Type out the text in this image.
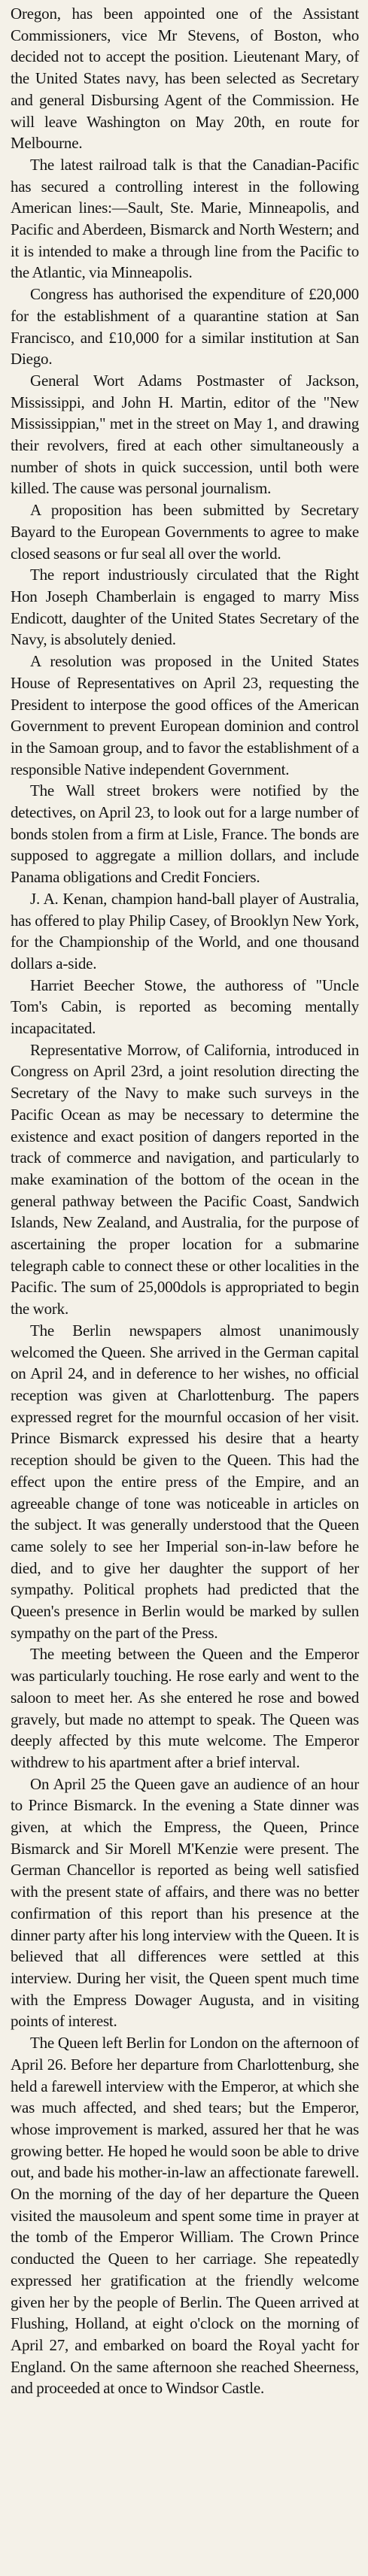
Oregon, has been appointed one of the Assistant Commissioners, vice Mr Stevens, of Boston, who decided not to accept the position. Lieutenant Mary, of the United States navy, has been selected as Secretary and general Disbursing Agent of the Commission. He will leave Washington on May 20th, en route for Melbourne.

The latest railroad talk is that the Canadian-Pacific has secured a controlling interest in the following American lines:—Sault, Ste. Marie, Minneapolis, and Pacific and Aberdeen, Bismarck and North Western; and it is intended to make a through line from the Pacific to the Atlantic, via Minneapolis.

Congress has authorised the expenditure of £20,000 for the establishment of a quarantine station at San Francisco, and £10,000 for a similar institution at San Diego.

General Wort Adams Postmaster of Jackson, Mississippi, and John H. Martin, editor of the "New Mississippian," met in the street on May 1, and drawing their revolvers, fired at each other simultaneously a number of shots in quick succession, until both were killed. The cause was personal journalism.

A proposition has been submitted by Secretary Bayard to the European Governments to agree to make closed seasons or fur seal all over the world.

The report industriously circulated that the Right Hon Joseph Chamberlain is engaged to marry Miss Endicott, daughter of the United States Secretary of the Navy, is absolutely denied.

A resolution was proposed in the United States House of Representatives on April 23, requesting the President to interpose the good offices of the American Government to prevent European dominion and control in the Samoan group, and to favor the establishment of a responsible Native independent Government.

The Wall street brokers were notified by the detectives, on April 23, to look out for a large number of bonds stolen from a firm at Lisle, France. The bonds are supposed to aggregate a million dollars, and include Panama obligations and Credit Fonciers.

J. A. Kenan, champion hand-ball player of Australia, has offered to play Philip Casey, of Brooklyn New York, for the Championship of the World, and one thousand dollars a-side.

Harriet Beecher Stowe, the authoress of "Uncle Tom's Cabin, is reported as becoming mentally incapacitated.

Representative Morrow, of California, introduced in Congress on April 23rd, a joint resolution directing the Secretary of the Navy to make such surveys in the Pacific Ocean as may be necessary to determine the existence and exact position of dangers reported in the track of commerce and navigation, and particularly to make examination of the bottom of the ocean in the general pathway between the Pacific Coast, Sandwich Islands, New Zealand, and Australia, for the purpose of ascertaining the proper location for a submarine telegraph cable to connect these or other localities in the Pacific. The sum of 25,000dols is appropriated to begin the work.

The Berlin newspapers almost unanimously welcomed the Queen. She arrived in the German capital on April 24, and in deference to her wishes, no official reception was given at Charlottenburg. The papers expressed regret for the mournful occasion of her visit. Prince Bismarck expressed his desire that a hearty reception should be given to the Queen. This had the effect upon the entire press of the Empire, and an agreeable change of tone was noticeable in articles on the subject. It was generally understood that the Queen came solely to see her Imperial son-in-law before he died, and to give her daughter the support of her sympathy. Political prophets had predicted that the Queen's presence in Berlin would be marked by sullen sympathy on the part of the Press.

The meeting between the Queen and the Emperor was particularly touching. He rose early and went to the saloon to meet her. As she entered he rose and bowed gravely, but made no attempt to speak. The Queen was deeply affected by this mute welcome. The Emperor withdrew to his apartment after a brief interval.

On April 25 the Queen gave an audience of an hour to Prince Bismarck. In the evening a State dinner was given, at which the Empress, the Queen, Prince Bismarck and Sir Morell M'Kenzie were present. The German Chancellor is reported as being well satisfied with the present state of affairs, and there was no better confirmation of this report than his presence at the dinner party after his long interview with the Queen. It is believed that all differences were settled at this interview. During her visit, the Queen spent much time with the Empress Dowager Augusta, and in visiting points of interest.

The Queen left Berlin for London on the afternoon of April 26. Before her departure from Charlottenburg, she held a farewell interview with the Emperor, at which she was much affected, and shed tears; but the Emperor, whose improvement is marked, assured her that he was growing better. He hoped he would soon be able to drive out, and bade his mother-in-law an affectionate farewell. On the morning of the day of her departure the Queen visited the mausoleum and spent some time in prayer at the tomb of the Emperor William. The Crown Prince conducted the Queen to her carriage. She repeatedly expressed her gratification at the friendly welcome given her by the people of Berlin. The Queen arrived at Flushing, Holland, at eight o'clock on the morning of April 27, and embarked on board the Royal yacht for England. On the same afternoon she reached Sheerness, and proceeded at once to Windsor Castle.
